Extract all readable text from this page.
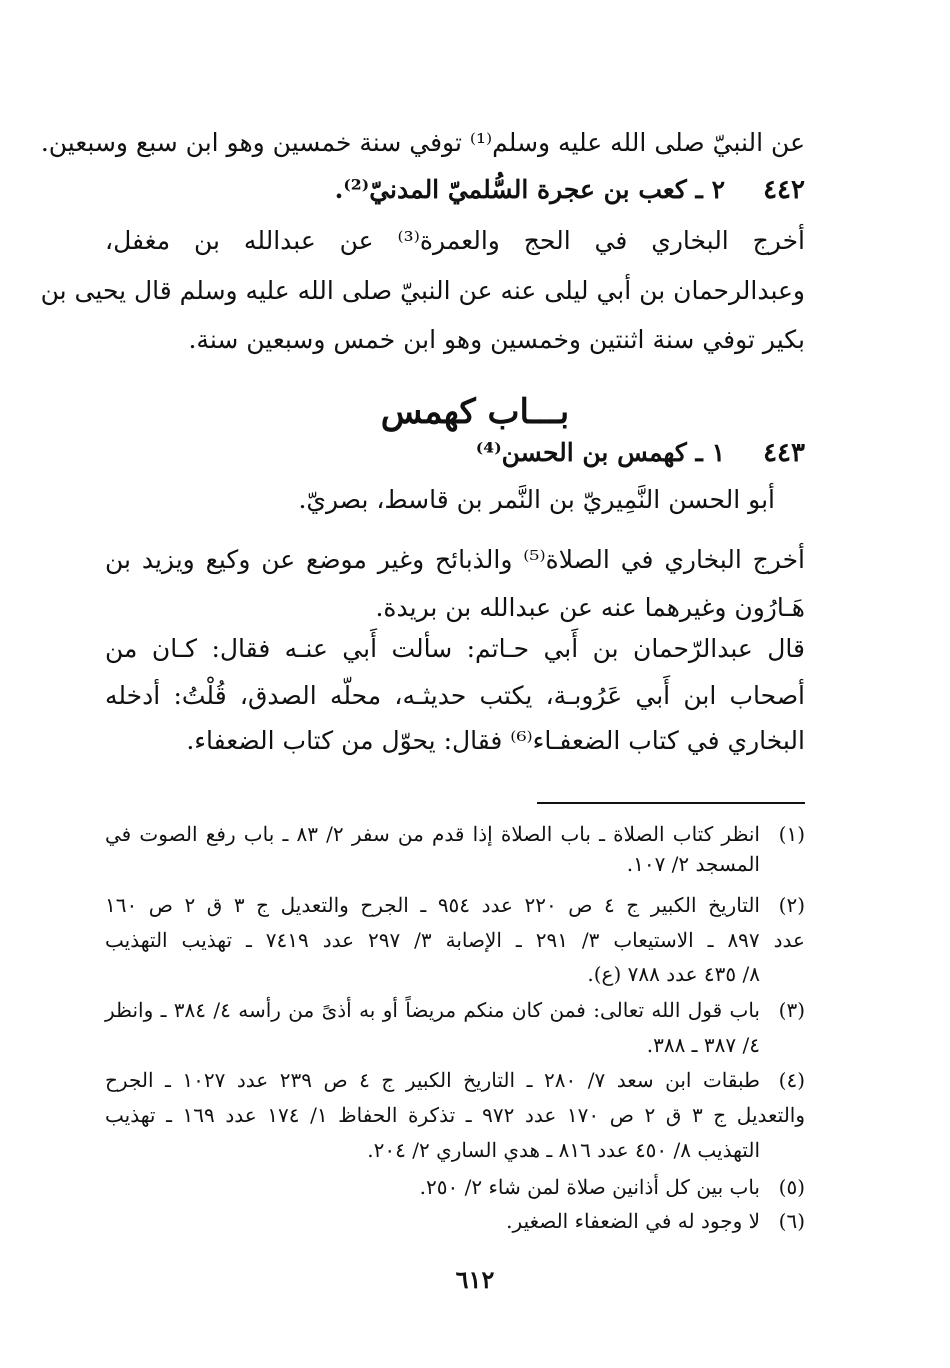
عن النبيّ صلى الله عليه وسلم⁽¹⁾ توفي سنة خمسين وهو ابن سبع وسبعين.
٤٤٢
٢ ـ كعب بن عجرة السُّلميّ المدنيّ⁽²⁾.
أخرج البخاري في الحج والعمرة⁽³⁾ عن عبدالله بن مغفل،
وعبدالرحمان بن أبي ليلى عنه عن النبيّ صلى الله عليه وسلم قال يحيى بن
بكير توفي سنة اثنتين وخمسين وهو ابن خمس وسبعين سنة.
بـــاب كهمس
٤٤٣
١ ـ كهمس بن الحسن⁽⁴⁾
أبو الحسن النَّمِيريّ بن النَّمر بن قاسط، بصريّ.
أخرج البخاري في الصلاة⁽⁵⁾ والذبائح وغير موضع عن وكيع ويزيد بن
هَـارُون وغيرهما عنه عن عبدالله بن بريدة.
قال عبدالرّحمان بن أَبي حـاتم: سألت أَبي عنـه فقال: كـان من
أصحاب ابن أَبي عَرُوبـة، يكتب حديثـه، محلّه الصدق، قُلْتُ: أدخله
البخاري في كتاب الضعفـاء⁽⁶⁾ فقال: يحوّل من كتاب الضعفاء.
(١)
انظر كتاب الصلاة ـ باب الصلاة إذا قدم من سفر ٢/ ٨٣ ـ باب رفع الصوت في
المسجد ٢/ ١٠٧.
(٢)
التاريخ الكبير ج ٤ ص ٢٢٠ عدد ٩٥٤ ـ الجرح والتعديل ج ٣ ق ٢ ص ١٦٠
عدد ٨٩٧ ـ الاستيعاب ٣/ ٢٩١ ـ الإصابة ٣/ ٢٩٧ عدد ٧٤١٩ ـ تهذيب التهذيب
٨/ ٤٣٥ عدد ٧٨٨ (ع).
(٣)
باب قول الله تعالى: فمن كان منكم مريضاً أو به أذىً من رأسه ٤/ ٣٨٤ ـ وانظر
٤/ ٣٨٧ ـ ٣٨٨.
(٤)
طبقات ابن سعد ٧/ ٢٨٠ ـ التاريخ الكبير ج ٤ ص ٢٣٩ عدد ١٠٢٧ ـ الجرح
والتعديل ج ٣ ق ٢ ص ١٧٠ عدد ٩٧٢ ـ تذكرة الحفاظ ١/ ١٧٤ عدد ١٦٩ ـ تهذيب
التهذيب ٨/ ٤٥٠ عدد ٨١٦ ـ هدي الساري ٢/ ٢٠٤.
(٥)
باب بين كل أذانين صلاة لمن شاء ٢/ ٢٥٠.
(٦)
لا وجود له في الضعفاء الصغير.
٦١٢
